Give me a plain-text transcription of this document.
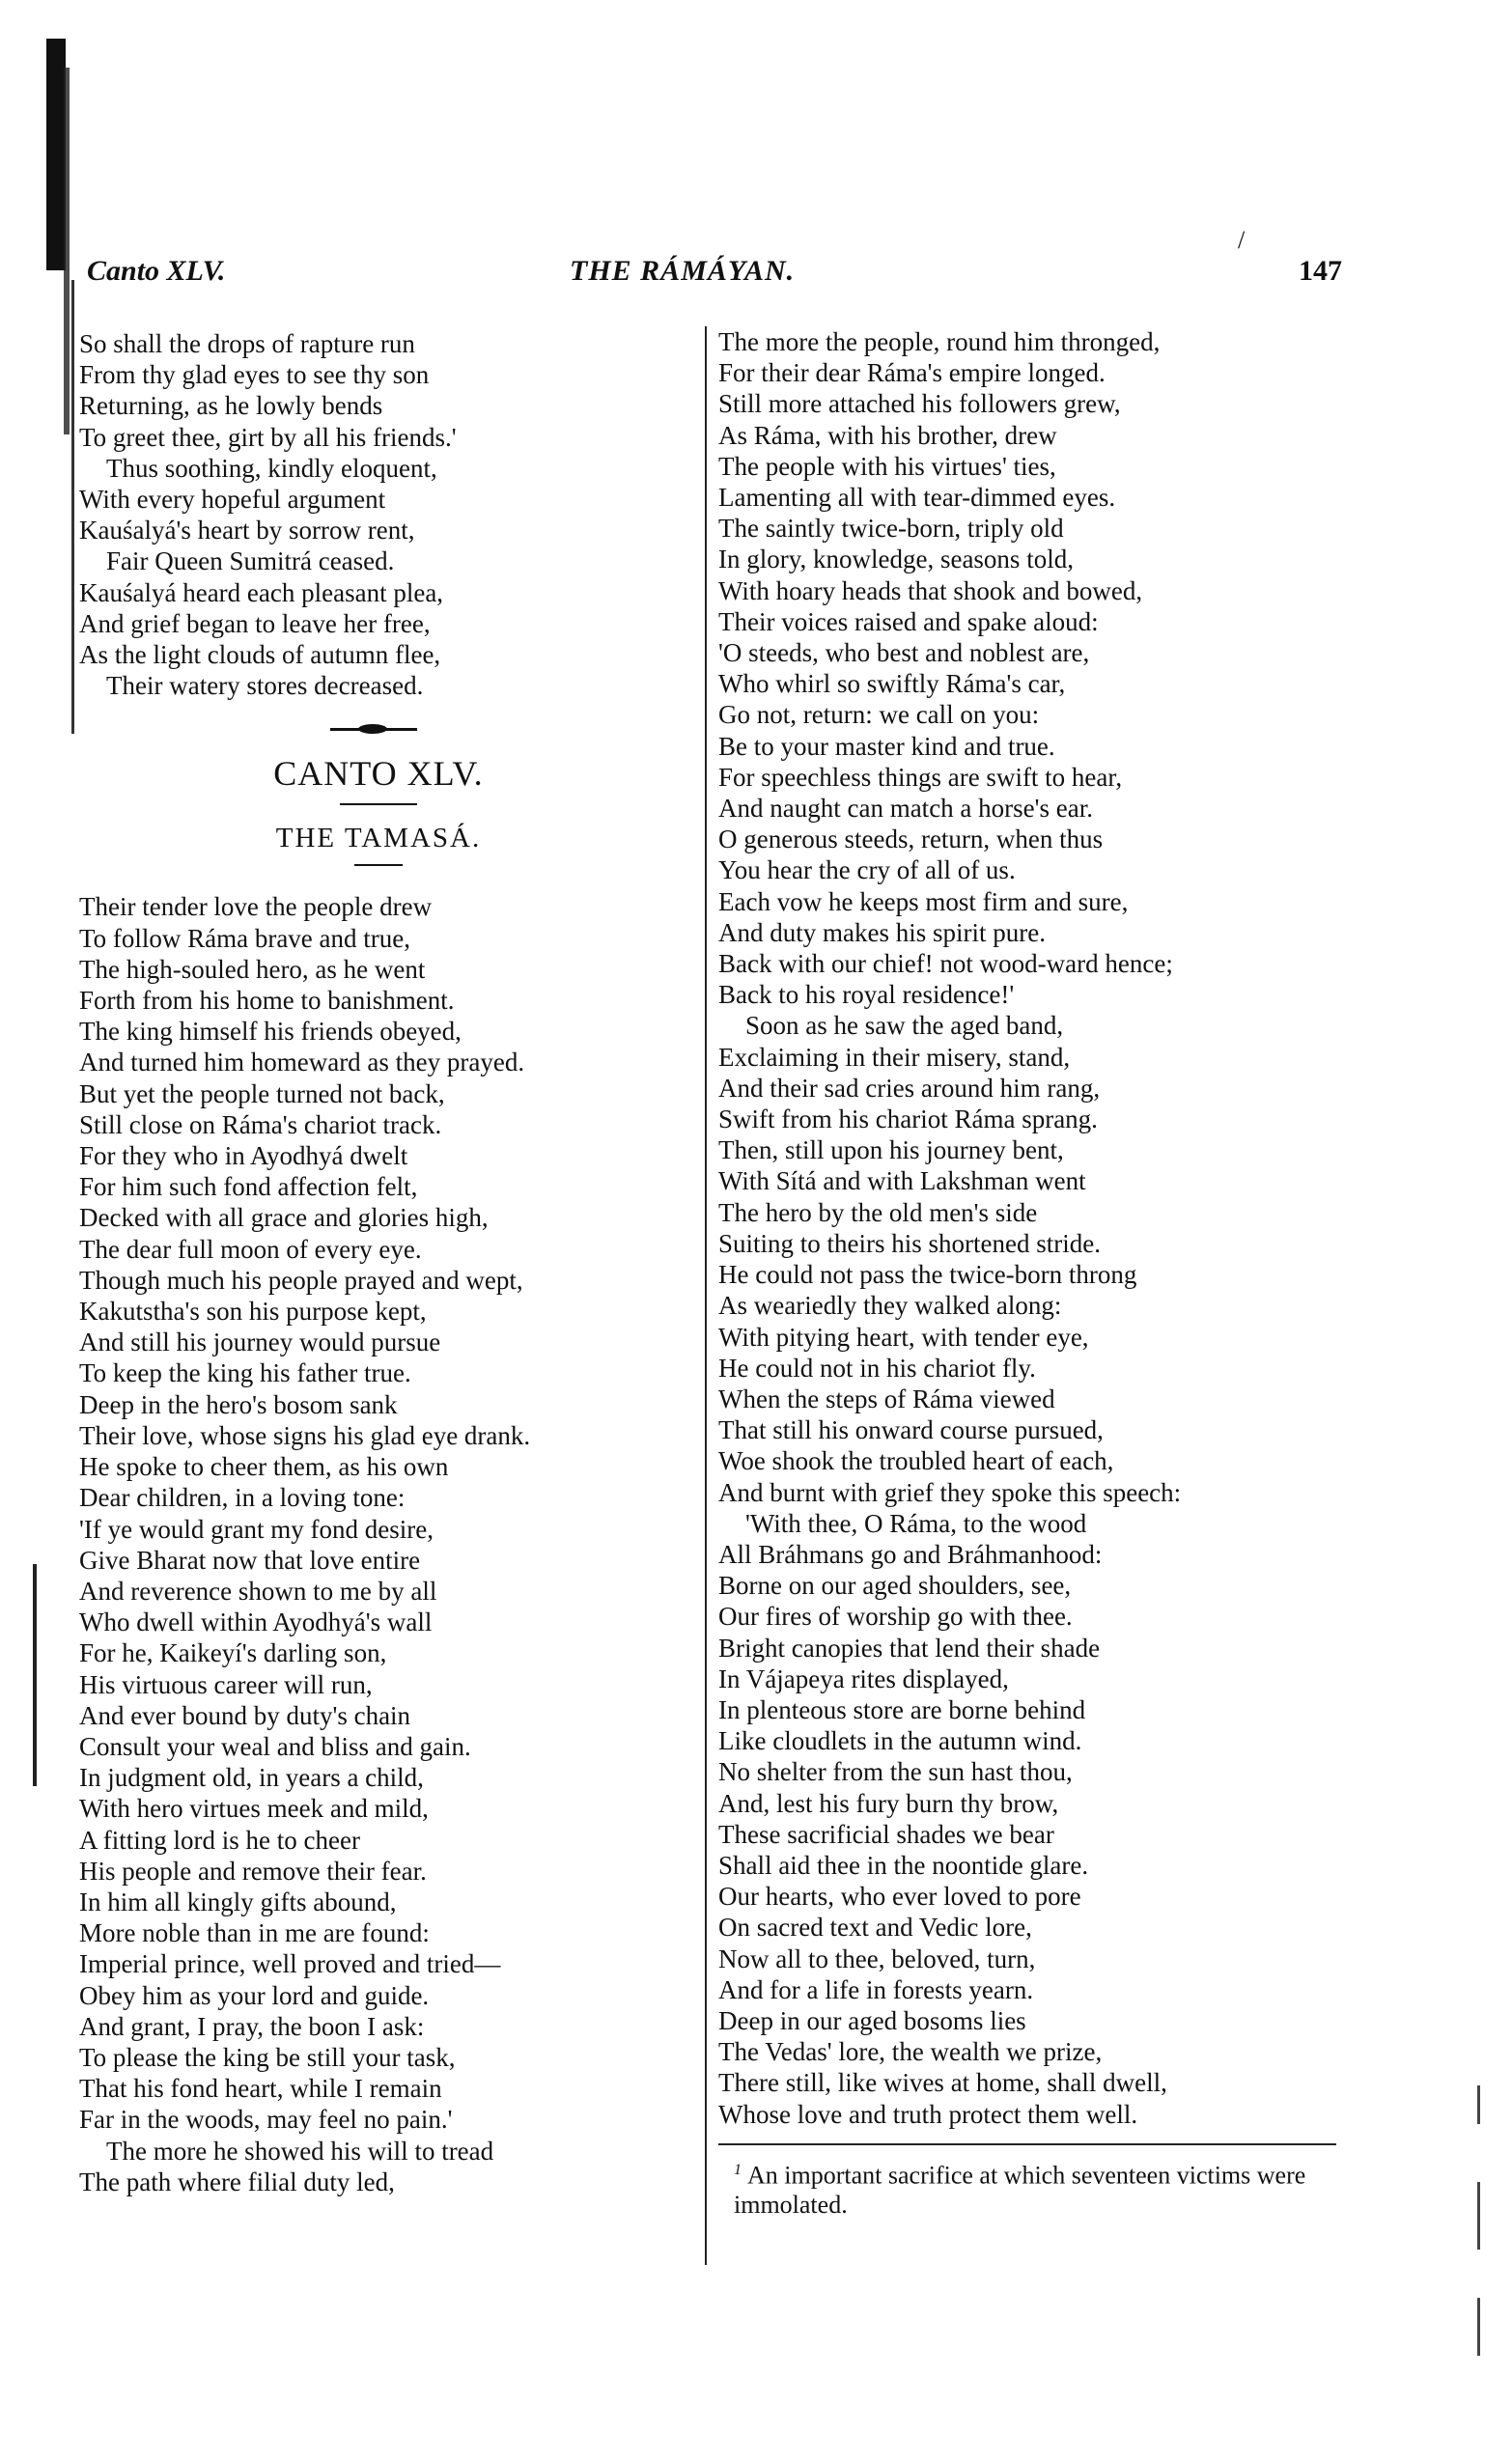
Canto XLV.	THE RÁMÁYAN.	147
/
So shall the drops of rapture run
From thy glad eyes to see thy son
Returning, as he lowly bends
To greet thee, girt by all his friends.'
Thus soothing, kindly eloquent,
With every hopeful argument
Kauśalyá's heart by sorrow rent,
Fair Queen Sumitrá ceased.
Kauśalyá heard each pleasant plea,
And grief began to leave her free,
As the light clouds of autumn flee,
Their watery stores decreased.
CANTO XLV.
THE TAMASÁ.
Their tender love the people drew
To follow Ráma brave and true,
The high-souled hero, as he went
Forth from his home to banishment.
The king himself his friends obeyed,
And turned him homeward as they prayed.
But yet the people turned not back,
Still close on Ráma's chariot track.
For they who in Ayodhyá dwelt
For him such fond affection felt,
Decked with all grace and glories high,
The dear full moon of every eye.
Though much his people prayed and wept,
Kakutstha's son his purpose kept,
And still his journey would pursue
To keep the king his father true.
Deep in the hero's bosom sank
Their love, whose signs his glad eye drank.
He spoke to cheer them, as his own
Dear children, in a loving tone:
'If ye would grant my fond desire,
Give Bharat now that love entire
And reverence shown to me by all
Who dwell within Ayodhyá's wall
For he, Kaikeyí's darling son,
His virtuous career will run,
And ever bound by duty's chain
Consult your weal and bliss and gain.
In judgment old, in years a child,
With hero virtues meek and mild,
A fitting lord is he to cheer
His people and remove their fear.
In him all kingly gifts abound,
More noble than in me are found:
Imperial prince, well proved and tried—
Obey him as your lord and guide.
And grant, I pray, the boon I ask:
To please the king be still your task,
That his fond heart, while I remain
Far in the woods, may feel no pain.'
The more he showed his will to tread
The path where filial duty led,
The more the people, round him thronged,
For their dear Ráma's empire longed.
Still more attached his followers grew,
As Ráma, with his brother, drew
The people with his virtues' ties,
Lamenting all with tear-dimmed eyes.
The saintly twice-born, triply old
In glory, knowledge, seasons told,
With hoary heads that shook and bowed,
Their voices raised and spake aloud:
'O steeds, who best and noblest are,
Who whirl so swiftly Ráma's car,
Go not, return: we call on you:
Be to your master kind and true.
For speechless things are swift to hear,
And naught can match a horse's ear.
O generous steeds, return, when thus
You hear the cry of all of us.
Each vow he keeps most firm and sure,
And duty makes his spirit pure.
Back with our chief! not wood-ward hence;
Back to his royal residence!'
Soon as he saw the aged band,
Exclaiming in their misery, stand,
And their sad cries around him rang,
Swift from his chariot Ráma sprang.
Then, still upon his journey bent,
With Sítá and with Lakshman went
The hero by the old men's side
Suiting to theirs his shortened stride.
He could not pass the twice-born throng
As weariedly they walked along:
With pitying heart, with tender eye,
He could not in his chariot fly.
When the steps of Ráma viewed
That still his onward course pursued,
Woe shook the troubled heart of each,
And burnt with grief they spoke this speech:
'With thee, O Ráma, to the wood
All Bráhmans go and Bráhmanhood:
Borne on our aged shoulders, see,
Our fires of worship go with thee.
Bright canopies that lend their shade
In Vájapeya rites displayed,
In plenteous store are borne behind
Like cloudlets in the autumn wind.
No shelter from the sun hast thou,
And, lest his fury burn thy brow,
These sacrificial shades we bear
Shall aid thee in the noontide glare.
Our hearts, who ever loved to pore
On sacred text and Vedic lore,
Now all to thee, beloved, turn,
And for a life in forests yearn.
Deep in our aged bosoms lies
The Vedas' lore, the wealth we prize,
There still, like wives at home, shall dwell,
Whose love and truth protect them well.
$^1$ An important sacrifice at which seventeen victims were immolated.
